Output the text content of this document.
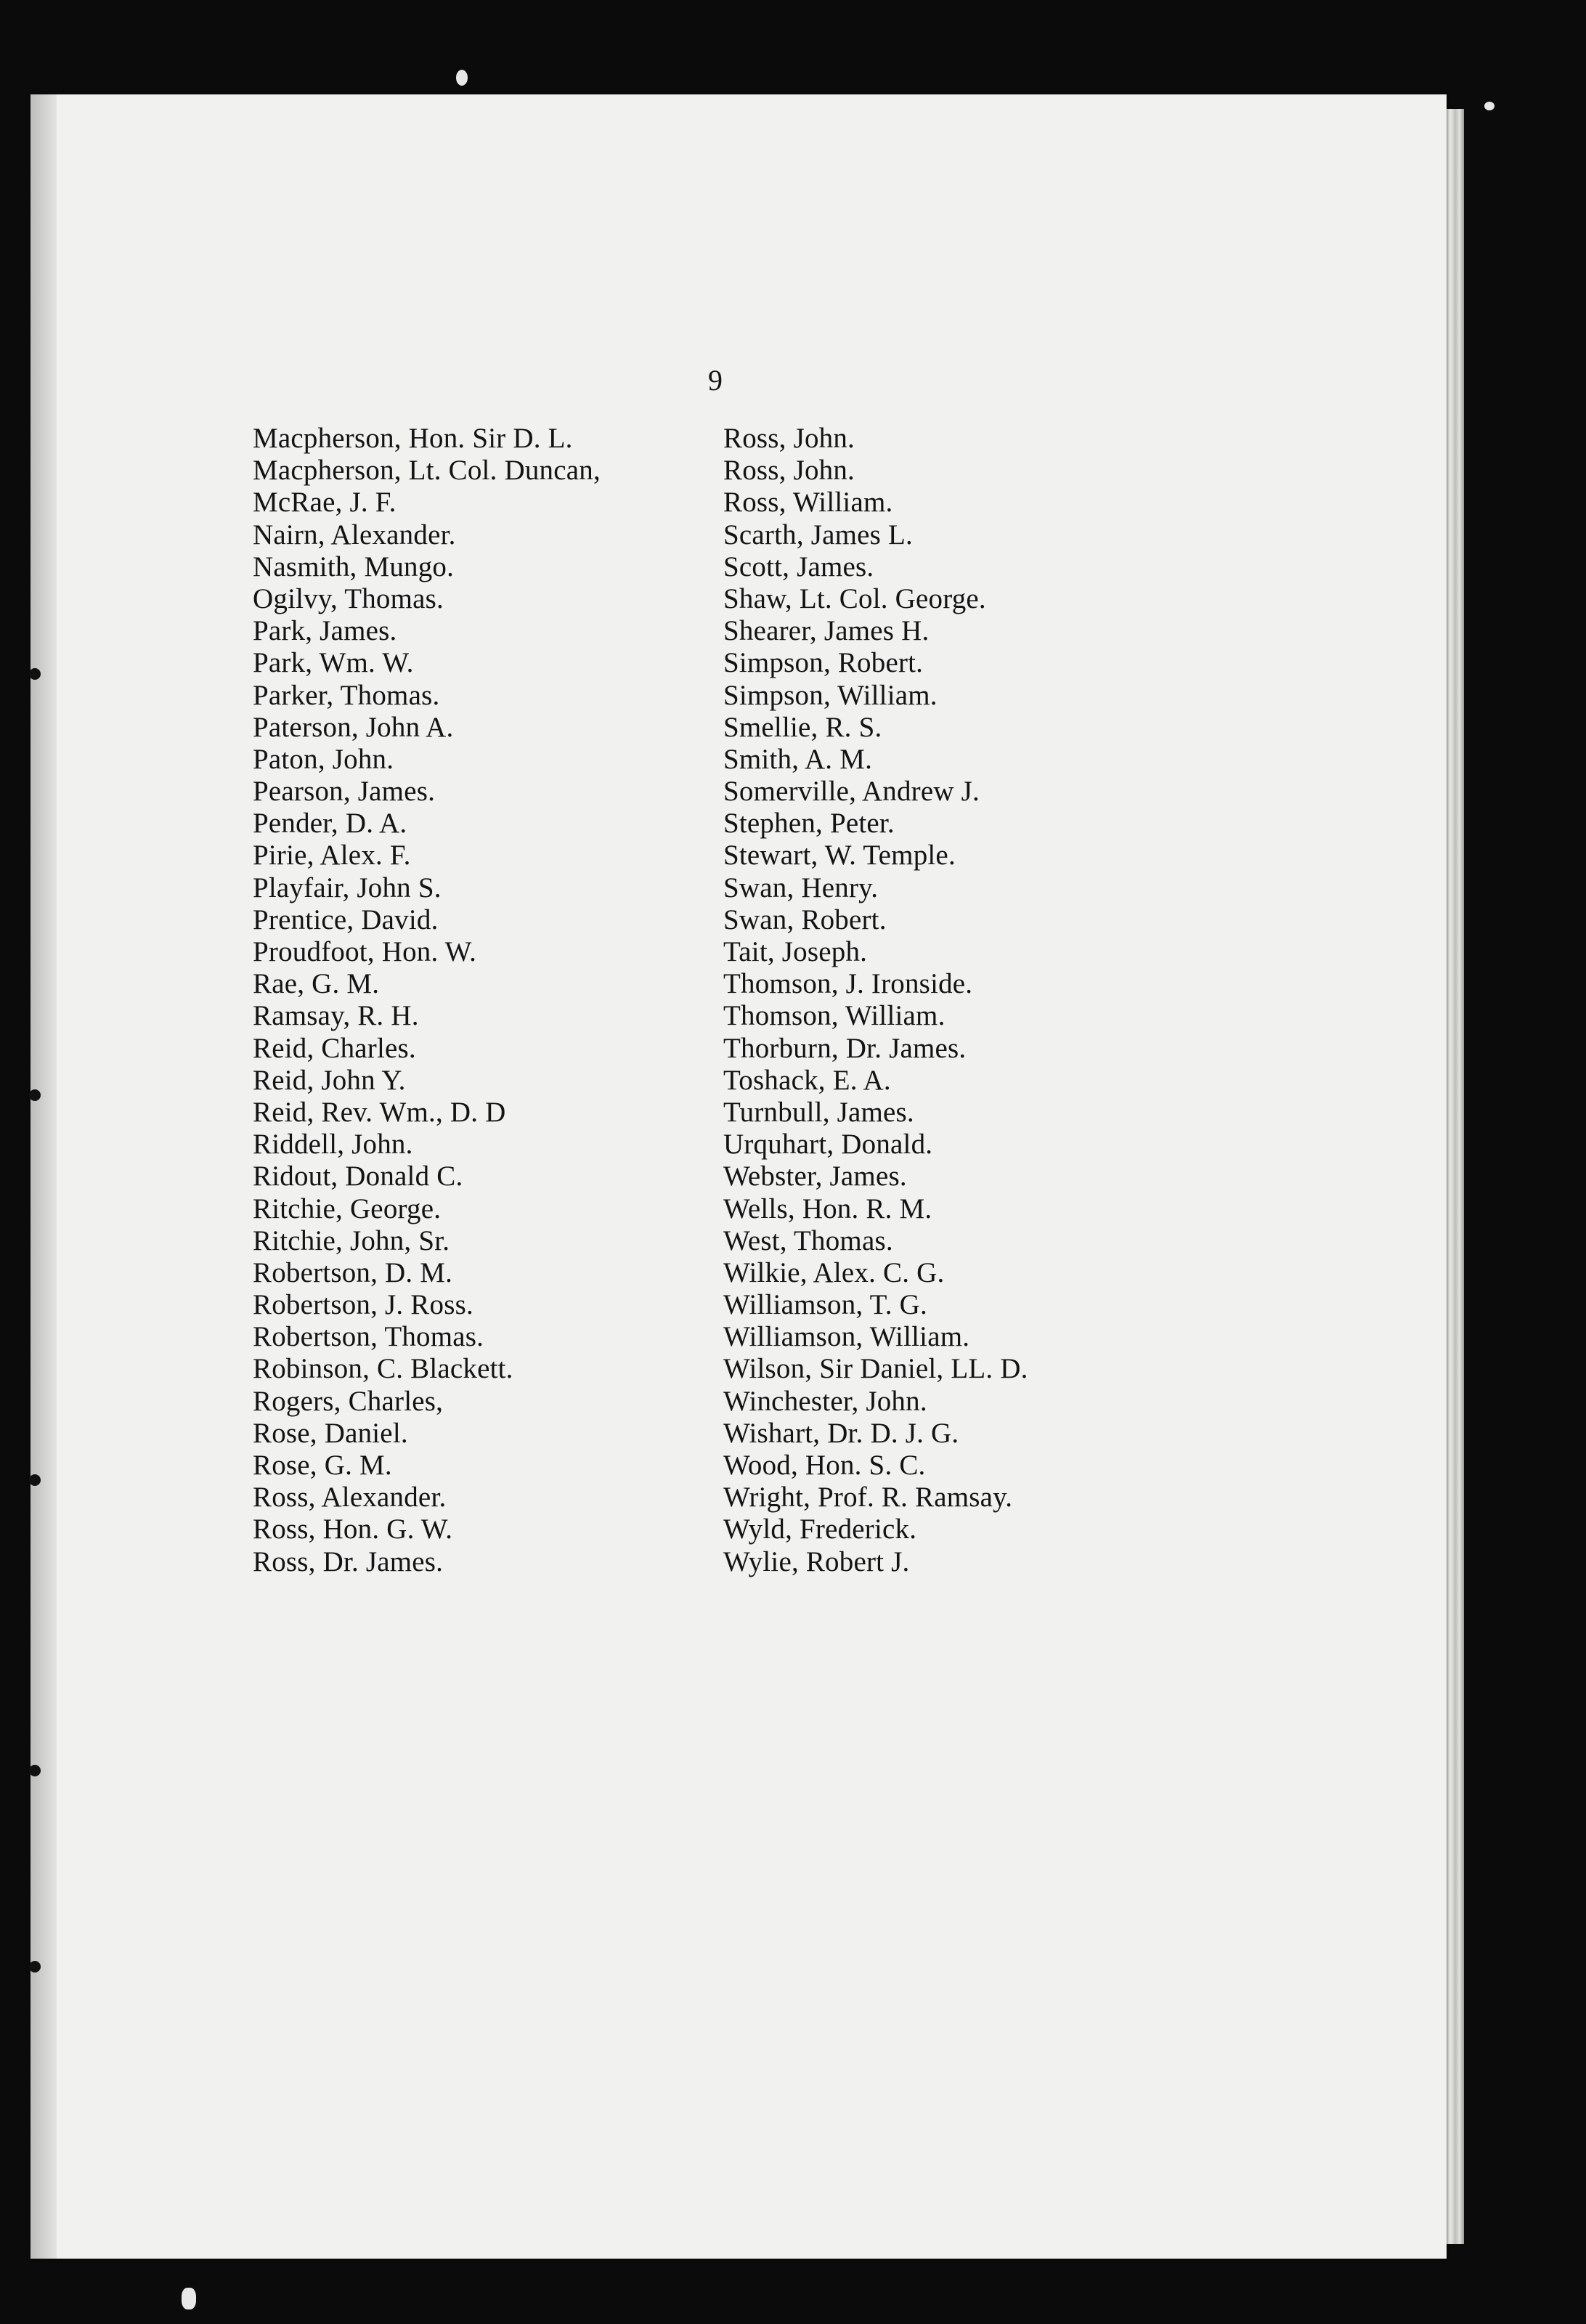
9
Macpherson, Hon. Sir D. L.
Macpherson, Lt. Col. Duncan,
McRae, J. F.
Nairn, Alexander.
Nasmith, Mungo.
Ogilvy, Thomas.
Park, James.
Park, Wm. W.
Parker, Thomas.
Paterson, John A.
Paton, John.
Pearson, James.
Pender, D. A.
Pirie, Alex. F.
Playfair, John S.
Prentice, David.
Proudfoot, Hon. W.
Rae, G. M.
Ramsay, R. H.
Reid, Charles.
Reid, John Y.
Reid, Rev. Wm., D. D
Riddell, John.
Ridout, Donald C.
Ritchie, George.
Ritchie, John, Sr.
Robertson, D. M.
Robertson, J. Ross.
Robertson, Thomas.
Robinson, C. Blackett.
Rogers, Charles,
Rose, Daniel.
Rose, G. M.
Ross, Alexander.
Ross, Hon. G. W.
Ross, Dr. James.
Ross, John.
Ross, John.
Ross, William.
Scarth, James L.
Scott, James.
Shaw, Lt. Col. George.
Shearer, James H.
Simpson, Robert.
Simpson, William.
Smellie, R. S.
Smith, A. M.
Somerville, Andrew J.
Stephen, Peter.
Stewart, W. Temple.
Swan, Henry.
Swan, Robert.
Tait, Joseph.
Thomson, J. Ironside.
Thomson, William.
Thorburn, Dr. James.
Toshack, E. A.
Turnbull, James.
Urquhart, Donald.
Webster, James.
Wells, Hon. R. M.
West, Thomas.
Wilkie, Alex. C. G.
Williamson, T. G.
Williamson, William.
Wilson, Sir Daniel, LL. D.
Winchester, John.
Wishart, Dr. D. J. G.
Wood, Hon. S. C.
Wright, Prof. R. Ramsay.
Wyld, Frederick.
Wylie, Robert J.
